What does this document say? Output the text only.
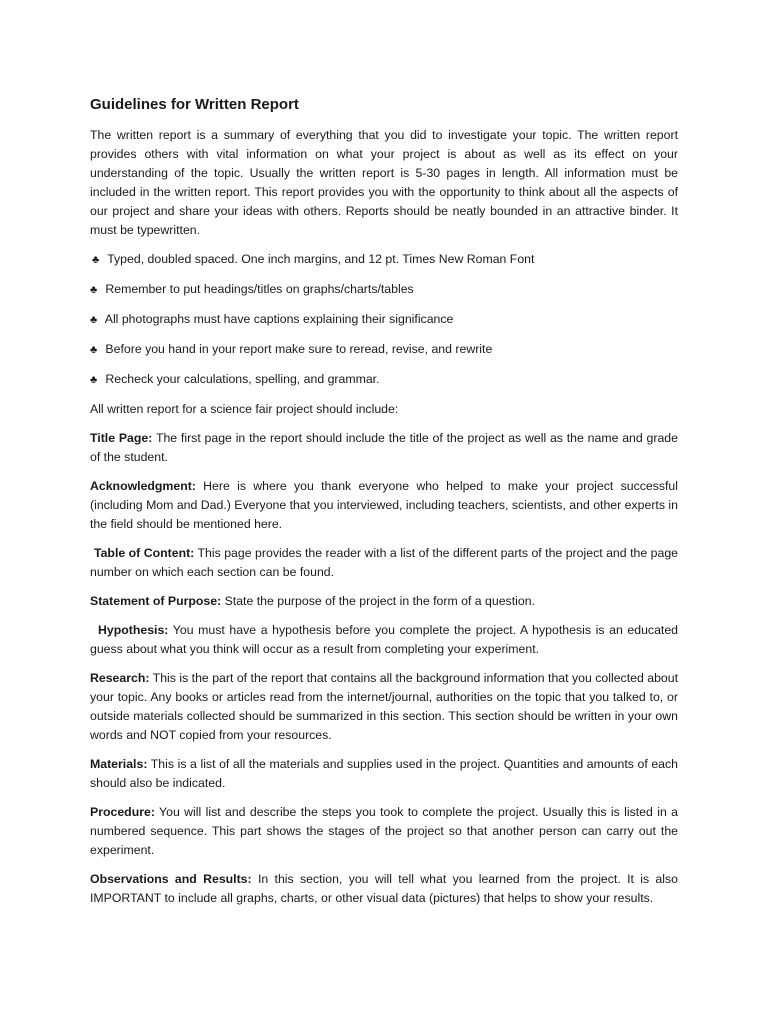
Guidelines for Written Report

The written report is a summary of everything that you did to investigate your topic. The written report provides others with vital information on what your project is about as well as its effect on your understanding of the topic. Usually the written report is 5-30 pages in length. All information must be included in the written report. This report provides you with the opportunity to think about all the aspects of our project and share your ideas with others. Reports should be neatly bounded in an attractive binder. It must be typewritten.

♣ Typed, doubled spaced. One inch margins, and 12 pt. Times New Roman Font
♣ Remember to put headings/titles on graphs/charts/tables
♣ All photographs must have captions explaining their significance
♣ Before you hand in your report make sure to reread, revise, and rewrite
♣ Recheck your calculations, spelling, and grammar.

All written report for a science fair project should include:

Title Page: The first page in the report should include the title of the project as well as the name and grade of the student.

Acknowledgment: Here is where you thank everyone who helped to make your project successful (including Mom and Dad.) Everyone that you interviewed, including teachers, scientists, and other experts in the field should be mentioned here.

Table of Content: This page provides the reader with a list of the different parts of the project and the page number on which each section can be found.

Statement of Purpose: State the purpose of the project in the form of a question.

Hypothesis: You must have a hypothesis before you complete the project. A hypothesis is an educated guess about what you think will occur as a result from completing your experiment.

Research: This is the part of the report that contains all the background information that you collected about your topic. Any books or articles read from the internet/journal, authorities on the topic that you talked to, or outside materials collected should be summarized in this section. This section should be written in your own words and NOT copied from your resources.

Materials: This is a list of all the materials and supplies used in the project. Quantities and amounts of each should also be indicated.

Procedure: You will list and describe the steps you took to complete the project. Usually this is listed in a numbered sequence. This part shows the stages of the project so that another person can carry out the experiment.

Observations and Results: In this section, you will tell what you learned from the project. It is also IMPORTANT to include all graphs, charts, or other visual data (pictures) that helps to show your results.
